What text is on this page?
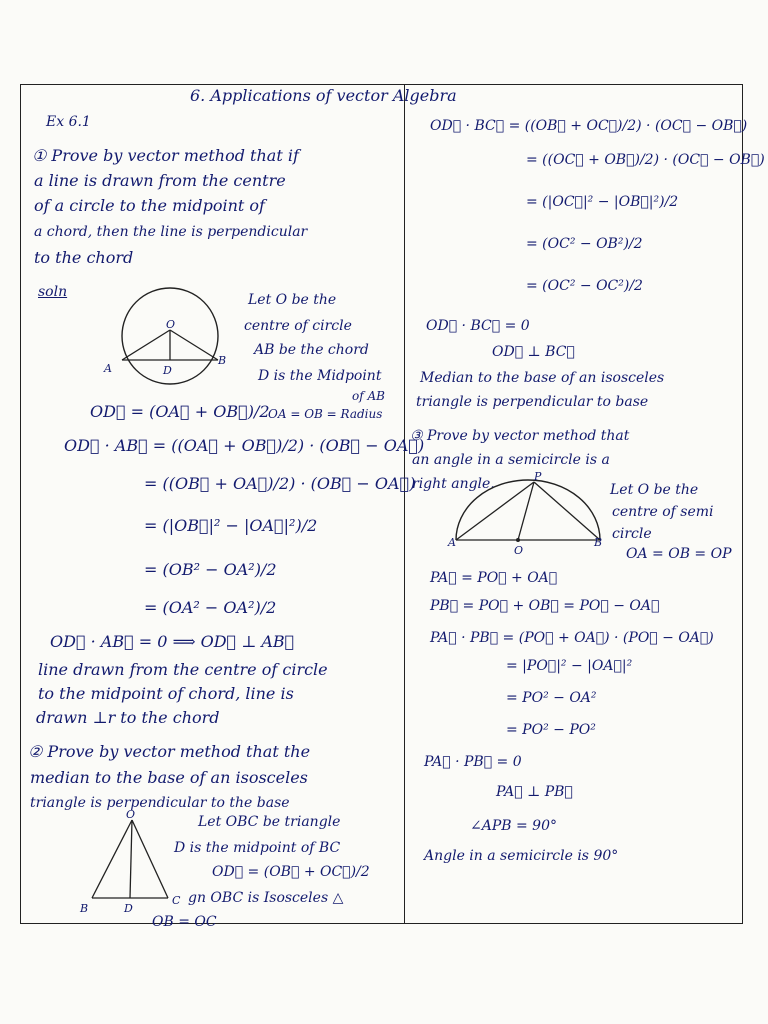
6. Applications of vector Algebra
Ex 6.1
① Prove by vector method that if
a line is drawn from the centre
of a circle to the midpoint of
a chord, then the line is perpendicular
to the chord
soln
O
A
B
D
Let O be the
centre of circle
AB be the chord
D is the Midpoint
of AB
OD⃗ = (OA⃗ + OB⃗)/2
OA = OB = Radius
OD⃗ · AB⃗ = ((OA⃗ + OB⃗)/2) · (OB⃗ − OA⃗)
= ((OB⃗ + OA⃗)/2) · (OB⃗ − OA⃗)
= (|OB⃗|² − |OA⃗|²)/2
= (OB² − OA²)/2
= (OA² − OA²)/2
OD⃗ · AB⃗ = 0 ⟹ OD⃗ ⊥ AB⃗
line drawn from the centre of circle
to the midpoint of chord, line is
drawn ⊥r to the chord
② Prove by vector method that the
median to the base of an isosceles
triangle is perpendicular to the base
O
B
C
D
Let OBC be triangle
D is the midpoint of BC
OD⃗ = (OB⃗ + OC⃗)/2
gn OBC is Isosceles △
OB = OC
OD⃗ · BC⃗ = ((OB⃗ + OC⃗)/2) · (OC⃗ − OB⃗)
= ((OC⃗ + OB⃗)/2) · (OC⃗ − OB⃗)
= (|OC⃗|² − |OB⃗|²)/2
= (OC² − OB²)/2
= (OC² − OC²)/2
OD⃗ · BC⃗ = 0
OD⃗ ⊥ BC⃗
Median to the base of an isosceles
triangle is perpendicular to base
③ Prove by vector method that
an angle in a semicircle is a
right angle.	P
A	B
O
Let O be the
centre of semi
circle
OA = OB = OP
PA⃗ = PO⃗ + OA⃗
PB⃗ = PO⃗ + OB⃗ = PO⃗ − OA⃗
PA⃗ · PB⃗ = (PO⃗ + OA⃗) · (PO⃗ − OA⃗)
= |PO⃗|² − |OA⃗|²
= PO² − OA²
= PO² − PO²
PA⃗ · PB⃗ = 0
PA⃗ ⊥ PB⃗
∠APB = 90°
Angle in a semicircle is 90°
